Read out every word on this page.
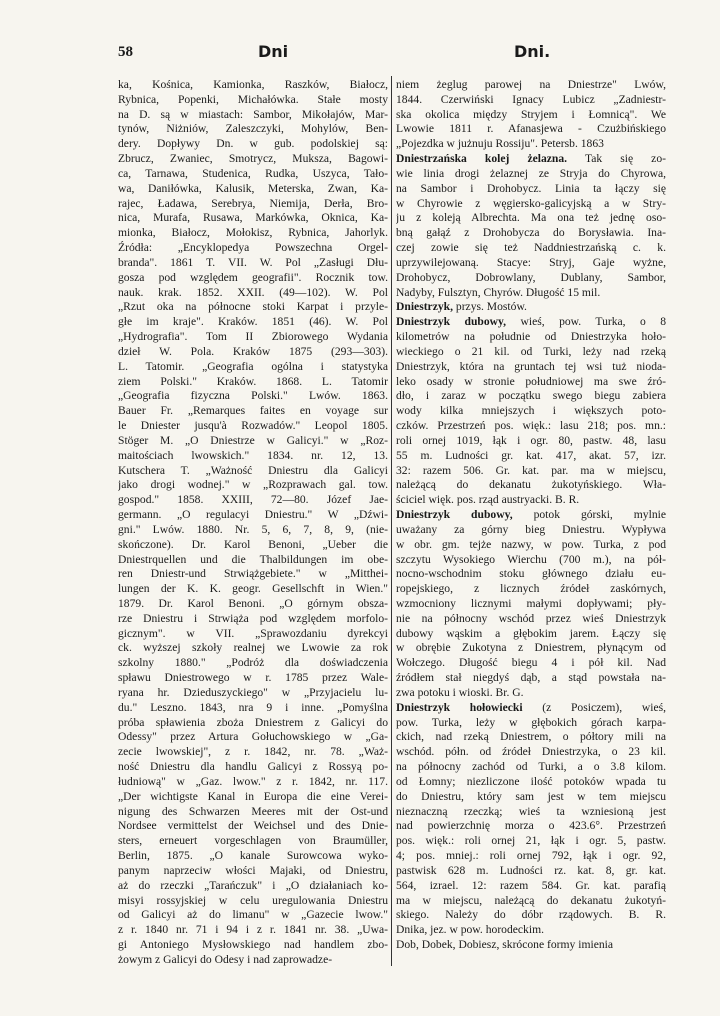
58	Dni	Dni.
ka, Kośnica, Kamionka, Raszków, Białocz,
Rybnica, Popenki, Michałówka. Stałe mosty
na D. są w miastach: Sambor, Mikołajów, Mar-
tynów, Niżniów, Zaleszczyki, Mohylów, Ben-
dery. Dopływy Dn. w gub. podolskiej są:
Zbrucz, Zwaniec, Smotrycz, Muksza, Bagowi-
ca, Tarnawa, Studenica, Rudka, Uszyca, Tało-
wa, Daniłówka, Kalusik, Meterska, Zwan, Ka-
rajec, Ładawa, Serebrya, Niemija, Derła, Bro-
nica, Murafa, Rusawa, Markówka, Oknica, Ka-
mionka, Białocz, Mołokisz, Rybnica, Jahorlyk.
Źródła: „Encyklopedya Powszechna Orgel-
branda". 1861 T. VII. W. Pol „Zasługi Dłu-
gosza pod względem geografii". Rocznik tow.
nauk. krak. 1852. XXII. (49—102). W. Pol
„Rzut oka na północne stoki Karpat i przyle-
głe im kraje". Kraków. 1851 (46). W. Pol
„Hydrografia". Tom II Zbiorowego Wydania
dzieł W. Pola. Kraków 1875 (293—303).
L. Tatomir. „Geografia ogólna i statystyka
ziem Polski." Kraków. 1868. L. Tatomir
„Geografia fizyczna Polski." Lwów. 1863.
Bauer Fr. „Remarques faites en voyage sur
le Dniester jusqu'à Rozwadów." Leopol 1805.
Stöger M. „O Dniestrze w Galicyi." w „Roz-
maitościach lwowskich." 1834. nr. 12, 13.
Kutschera T. „Ważność Dniestru dla Galicyi
jako drogi wodnej." w „Rozprawach gal. tow.
gospod." 1858. XXIII, 72—80. Józef Jae-
germann. „O regulacyi Dniestru." W „Dźwi-
gni." Lwów. 1880. Nr. 5, 6, 7, 8, 9, (nie-
skończone). Dr. Karol Benoni, „Ueber die
Dniestrquellen und die Thalbildungen im obe-
ren Dniestr-und Strwiążgebiete." w „Mitthei-
lungen der K. K. geogr. Gesellschft in Wien."
1879. Dr. Karol Benoni. „O górnym obsza-
rze Dniestru i Strwiąża pod względem morfolo-
gicznym". w VII. „Sprawozdaniu dyrekcyi
ck. wyższej szkoły realnej we Lwowie za rok
szkolny 1880." „Podróż dla doświadczenia
spławu Dniestrowego w r. 1785 przez Wale-
ryana hr. Dzieduszyckiego" w „Przyjacielu lu-
du." Leszno. 1843, nra 9 i inne. „Pomyślna
próba spławienia zboża Dniestrem z Galicyi do
Odessy" przez Artura Gołuchowskiego w „Ga-
zecie lwowskiej", z r. 1842, nr. 78. „Waż-
ność Dniestru dla handlu Galicyi z Rossyą po-
łudniową" w „Gaz. lwow." z r. 1842, nr. 117.
„Der wichtigste Kanal in Europa die eine Verei-
nigung des Schwarzen Meeres mit der Ost-und
Nordsee vermittelst der Weichsel und des Dnie-
sters, erneuert vorgeschlagen von Braumüller,
Berlin, 1875. „O kanale Surowcowa wyko-
panym naprzeciw włości Majaki, od Dniestru,
aż do rzeczki „Tarańczuk" i „O działaniach ko-
misyi rossyjskiej w celu uregulowania Dniestru
od Galicyi aż do limanu" w „Gazecie lwow."
z r. 1840 nr. 71 i 94 i z r. 1841 nr. 38. „Uwa-
gi Antoniego Mysłowskiego nad handlem zbo-
żowym z Galicyi do Odesy i nad zaprowadze-
niem żeglug parowej na Dniestrze" Lwów,
1844. Czerwiński Ignacy Lubicz „Zadniestr-
ska okolica między Stryjem i Łomnicą". We
Lwowie 1811 r. Afanasjewa - Czużbińskiego
„Pojezdka w jużnuju Rossiju". Petersb. 1863
Dniestrzańska kolej żelazna. Tak się zo-
wie linia drogi żelaznej ze Stryja do Chyrowa,
na Sambor i Drohobycz. Linia ta łączy się
w Chyrowie z węgiersko-galicyjską a w Stry-
ju z koleją Albrechta. Ma ona też jednę oso-
bną gałąź z Drohobycza do Borysławia. Ina-
czej zowie się też Naddniestrzańską c. k.
uprzywilejowaną. Stacye: Stryj, Gaje wyżne,
Drohobycz, Dobrowlany, Dublany, Sambor,
Nadyby, Fulsztyn, Chyrów. Długość 15 mil.
Dniestrzyk, przys. Mostów.
Dniestrzyk dubowy, wieś, pow. Turka, o 8
kilometrów na południe od Dniestrzyka hoło-
wieckiego o 21 kil. od Turki, leży nad rzeką
Dniestrzyk, która na gruntach tej wsi tuż nioda-
leko osady w stronie południowej ma swe źró-
dło, i zaraz w początku swego biegu zabiera
wody kilka mniejszych i większych poto-
czków. Przestrzeń pos. więk.: lasu 218; pos. mn.:
roli ornej 1019, łąk i ogr. 80, pastw. 48, lasu
55 m. Ludności gr. kat. 417, akat. 57, izr.
32: razem 506. Gr. kat. par. ma w miejscu,
należącą do dekanatu żukotyńskiego. Wła-
ściciel więk. pos. rząd austryacki. B. R.
Dniestrzyk dubowy, potok górski, mylnie
uważany za górny bieg Dniestru. Wypływa
w obr. gm. tejże nazwy, w pow. Turka, z pod
szczytu Wysokiego Wierchu (700 m.), na pół-
nocno-wschodnim stoku głównego działu eu-
ropejskiego, z licznych źródeł zaskórnych,
wzmocniony licznymi małymi dopływami; pły-
nie na północny wschód przez wieś Dniestrzyk
dubowy wąskim a głębokim jarem. Łączy się
w obrębie Zukotyna z Dniestrem, płynącym od
Wołczego. Długość biegu 4 i pół kil. Nad
źródłem stał niegdyś dąb, a stąd powstała na-
zwa potoku i wioski. Br. G.
Dniestrzyk hołowiecki (z Posiczem), wieś,
pow. Turka, leży w głębokich górach karpa-
ckich, nad rzeką Dniestrem, o półtory mili na
wschód. półn. od źródeł Dniestrzyka, o 23 kil.
na północny zachód od Turki, a o 3.8 kilom.
od Łomny; niezliczone ilość potoków wpada tu
do Dniestru, który sam jest w tem miejscu
nieznaczną rzeczką; wieś ta wzniesioną jest
nad powierzchnię morza o 423.6°. Przestrzeń
pos. więk.: roli ornej 21, łąk i ogr. 5, pastw.
4; pos. mniej.: roli ornej 792, łąk i ogr. 92,
pastwisk 628 m. Ludności rz. kat. 8, gr. kat.
564, izrael. 12: razem 584. Gr. kat. parafią
ma w miejscu, należącą do dekanatu żukotyń-
skiego. Należy do dóbr rządowych. B. R.
Dnika, jez. w pow. horodeckim.
Dob, Dobek, Dobiesz, skrócone formy imienia
